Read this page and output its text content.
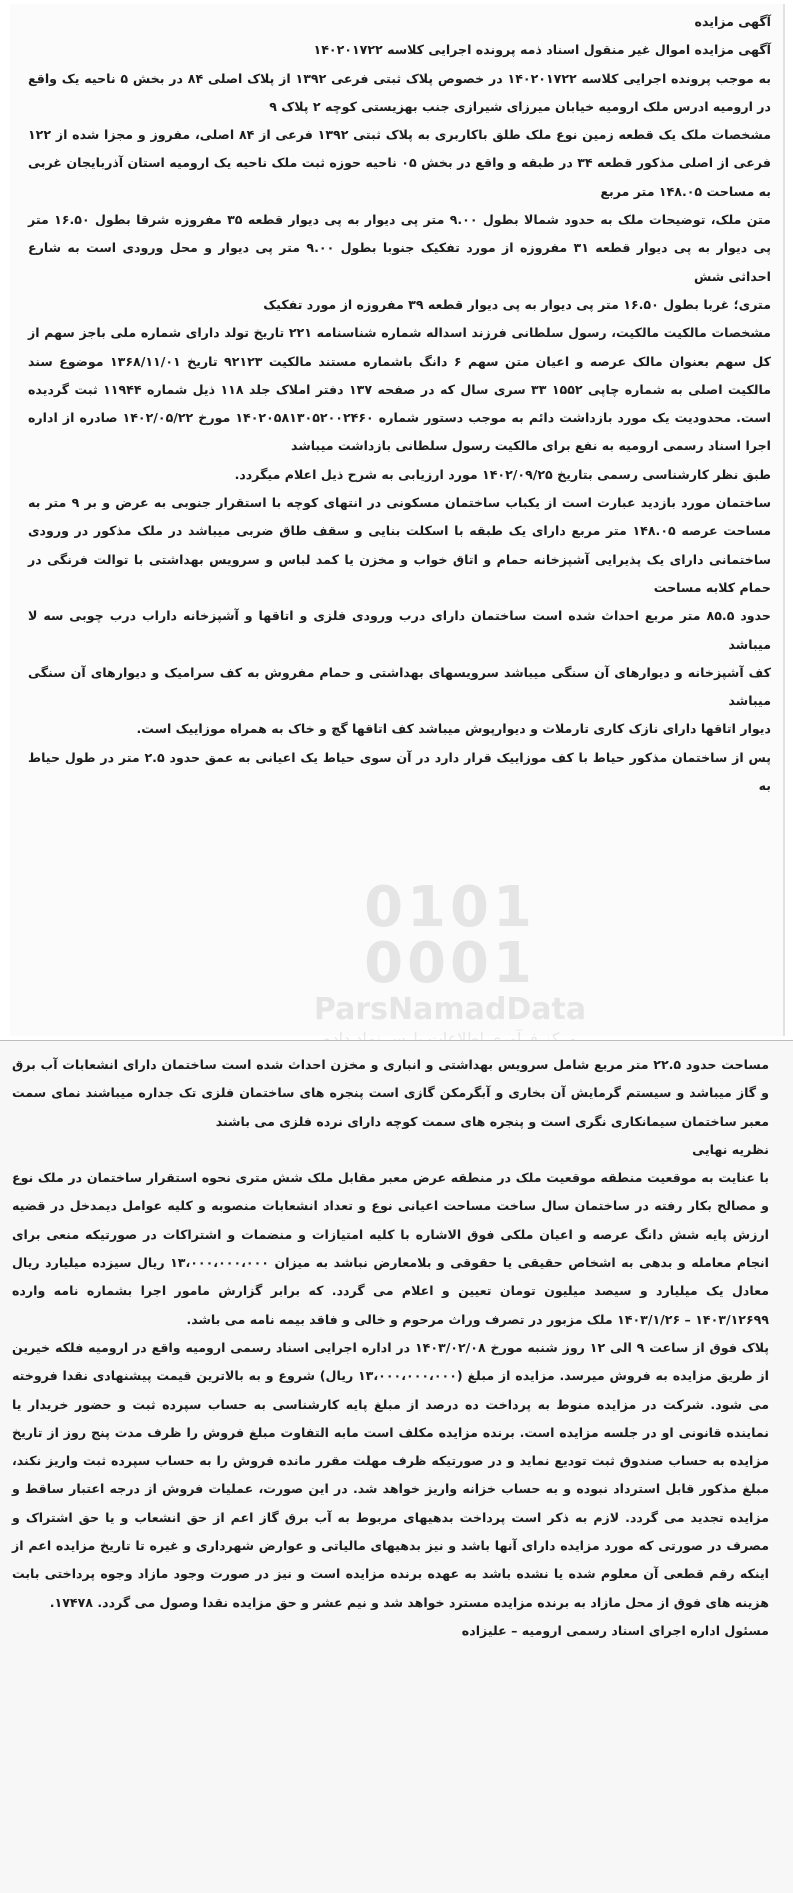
آگهی مزایده

آگهی مزایده اموال غیر منقول اسناد ذمه پرونده اجرایی کلاسه ۱۴۰۲۰۱۷۲۲

به موجب پرونده اجرایی کلاسه ۱۴۰۲۰۱۷۲۲ در خصوص پلاک ثبتی فرعی ۱۳۹۲ از پلاک اصلی ۸۴ در بخش ۵ ناحیه یک واقع در ارومیه ادرس ملک ارومیه خیابان میرزای شیرازی جنب بهزیستی کوچه ۲ پلاک ۹

مشخصات ملک یک قطعه زمین نوع ملک طلق باکاربری به پلاک ثبتی ۱۳۹۲ فرعی از ۸۴ اصلی، مفروز و مجزا شده از ۱۲۲ فرعی از اصلی مذکور قطعه ۳۴ در طبقه و واقع در بخش ۰۵ ناحیه حوزه ثبت ملک ناحیه یک ارومیه استان آذربایجان غربی به مساحت ۱۴۸.۰۵ متر مربع

متن ملک، توضیحات ملک به حدود شمالا بطول ۹.۰۰ متر پی دیوار به پی دیوار قطعه ۳۵ مفروزه شرقا بطول ۱۶.۵۰ متر پی دیوار به پی دیوار قطعه ۳۱ مفروزه از مورد تفکیک جنوبا بطول ۹.۰۰ متر پی دیوار و محل ورودی است به شارع احداثی شش

متری؛ غربا بطول ۱۶.۵۰ متر پی دیوار به پی دیوار قطعه ۳۹ مفروزه از مورد تفکیک

مشخصات مالکیت مالکیت، رسول سلطانی فرزند اسداله شماره شناسنامه ۲۲۱ تاریخ تولد دارای شماره ملی باجز سهم از کل سهم بعنوان مالک عرصه و اعیان متن سهم ۶ دانگ باشماره مستند مالکیت ۹۲۱۲۳ تاریخ ۱۳۶۸/۱۱/۰۱ موضوع سند مالکیت اصلی به شماره چاپی ۱۵۵۲ ۳۳ سری سال که در صفحه ۱۳۷ دفتر املاک جلد ۱۱۸ ذیل شماره ۱۱۹۴۴ ثبت گردیده است. محدودیت یک مورد بازداشت دائم به موجب دستور شماره ۱۴۰۲۰۵۸۱۳۰۵۲۰۰۲۴۶۰ مورخ ۱۴۰۲/۰۵/۲۲ صادره از اداره اجرا اسناد رسمی ارومیه به نفع برای مالکیت رسول سلطانی بازداشت میباشد

طبق نظر کارشناسی رسمی بتاریخ ۱۴۰۲/۰۹/۲۵ مورد ارزیابی به شرح ذیل اعلام میگردد.

ساختمان مورد بازدید عبارت است از یکباب ساختمان مسکونی در انتهای کوچه با استقرار جنوبی به عرض و بر ۹ متر به مساحت عرصه ۱۴۸.۰۵ متر مربع دارای یک طبقه با اسکلت بنایی و سقف طاق ضربی میباشد در ملک مذکور در ورودی ساختمانی دارای یک پذیرایی آشپزخانه حمام و اتاق خواب و مخزن یا کمد لباس و سرویس بهداشتی با توالت فرنگی در حمام کلابه مساحت

حدود ۸۵.۵ متر مربع احداث شده است ساختمان دارای درب ورودی فلزی و اتاقها و آشپزخانه داراب درب چوبی سه لا میباشد

کف آشپزخانه و دیوارهای آن سنگی میباشد سرویسهای بهداشتی و حمام مفروش به کف سرامیک و دیوارهای آن سنگی میباشد

دیوار اتاقها دارای نازک کاری تارملات و دیوارپوش میباشد کف اتاقها گچ و خاک به همراه موزاییک است.

پس از ساختمان مذکور حیاط با کف موزاییک قرار دارد در آن سوی حیاط یک اعیانی به عمق حدود ۲.۵ متر در طول حیاط به

مرکز فرآوری اطلاعات پارس نماد داده

مساحت حدود ۲۲.۵ متر مربع شامل سرویس بهداشتی و انباری و مخزن احداث شده است ساختمان دارای انشعابات آب برق و گاز میباشد و سیستم گرمایش آن بخاری و آبگرمکن گازی است پنجره های ساختمان فلزی تک جداره میباشند نمای سمت معبر ساختمان سیمانکاری نگری است و پنجره های سمت کوچه دارای نرده فلزی می باشند

نظریه نهایی

با عنایت به موقعیت منطقه موقعیت ملک در منطقه عرض معبر مقابل ملک شش متری نحوه استقرار ساختمان در ملک نوع و مصالح بکار رفته در ساختمان سال ساخت مساحت اعیانی نوع و تعداد انشعابات منصوبه و کلیه عوامل دیمدخل در قضیه ارزش پایه شش دانگ عرصه و اعیان ملکی فوق الاشاره با کلیه امتیازات و منضمات و اشتراکات در صورتیکه منعی برای انجام معامله و بدهی به اشخاص حقیقی یا حقوقی و بلامعارض نباشد به میزان ۱۳،۰۰۰،۰۰۰،۰۰۰ ریال سیزده میلیارد ریال معادل یک میلیارد و سیصد میلیون تومان تعیین و اعلام می گردد. که برابر گزارش مامور اجرا بشماره نامه وارده ۱۴۰۳/۱۲۶۹۹ – ۱۴۰۳/۱/۲۶ ملک مزبور در تصرف وراث مرحوم و خالی و فاقد بیمه نامه می باشد.

پلاک فوق از ساعت ۹ الی ۱۲ روز شنبه مورخ ۱۴۰۳/۰۲/۰۸ در اداره اجرایی اسناد رسمی ارومیه واقع در ارومیه فلکه خیرین از طریق مزایده به فروش میرسد. مزایده از مبلغ (۱۳،۰۰۰،۰۰۰،۰۰۰ ریال) شروع و به بالاترین قیمت پیشنهادی نقدا فروخته می شود. شرکت در مزایده منوط به پرداخت ده درصد از مبلغ پایه کارشناسی به حساب سپرده ثبت و حضور خریدار یا نماینده قانونی او در جلسه مزایده است. برنده مزایده مکلف است مابه التفاوت مبلغ فروش را ظرف مدت پنج روز از تاریخ مزایده به حساب صندوق ثبت تودیع نماید و در صورتیکه ظرف مهلت مقرر مانده فروش را به حساب سپرده ثبت واریز نکند، مبلغ مذکور قابل استرداد نبوده و به حساب خزانه واریز خواهد شد. در این صورت، عملیات فروش از درجه اعتبار ساقط و مزایده تجدید می گردد. لازم به ذکر است پرداخت بدهیهای مربوط به آب برق گاز اعم از حق انشعاب و یا حق اشتراک و مصرف در صورتی که مورد مزایده دارای آنها باشد و نیز بدهیهای مالیاتی و عوارض شهرداری و غیره تا تاریخ مزایده اعم از اینکه رقم قطعی آن معلوم شده یا نشده باشد به عهده برنده مزایده است و نیز در صورت وجود مازاد وجوه پرداختی بابت هزینه های فوق از محل مازاد به برنده مزایده مسترد خواهد شد و نیم عشر و حق مزایده نقدا وصول می گردد. ۱۷۴۷۸.

مسئول اداره اجرای اسناد رسمی ارومیه – علیزاده
